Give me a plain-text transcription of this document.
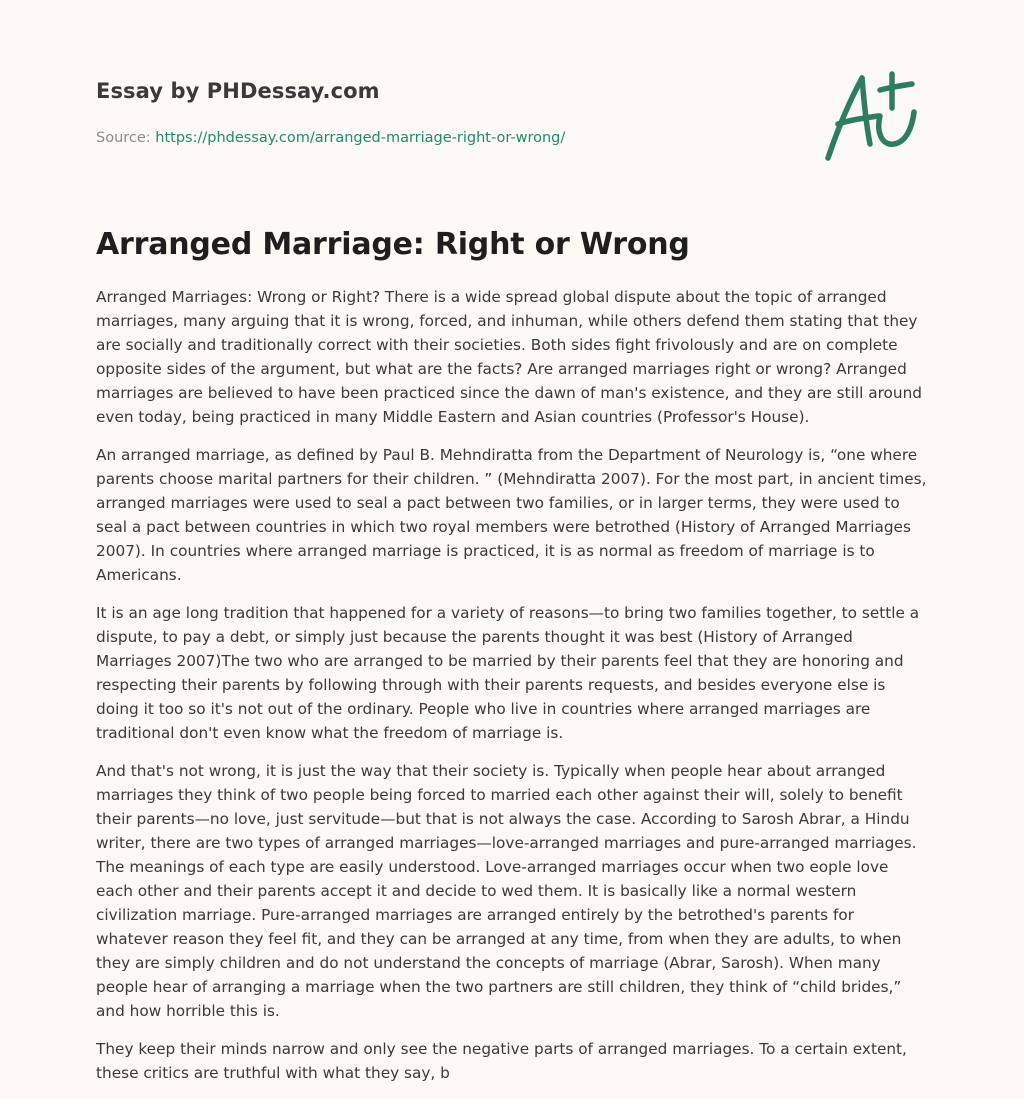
Essay by PHDessay.com
Source: https://phdessay.com/arranged-marriage-right-or-wrong/
Arranged Marriage: Right or Wrong

Arranged Marriages: Wrong or Right? There is a wide spread global dispute about the topic of arranged marriages, many arguing that it is wrong, forced, and inhuman, while others defend them stating that they are socially and traditionally correct with their societies. Both sides fight frivolously and are on complete opposite sides of the argument, but what are the facts? Are arranged marriages right or wrong? Arranged marriages are believed to have been practiced since the dawn of man's existence, and they are still around even today, being practiced in many Middle Eastern and Asian countries (Professor's House).

An arranged marriage, as defined by Paul B. Mehndiratta from the Department of Neurology is, “one where parents choose marital partners for their children. ” (Mehndiratta 2007). For the most part, in ancient times, arranged marriages were used to seal a pact between two families, or in larger terms, they were used to seal a pact between countries in which two royal members were betrothed (History of Arranged Marriages 2007). In countries where arranged marriage is practiced, it is as normal as freedom of marriage is to Americans.

It is an age long tradition that happened for a variety of reasons—to bring two families together, to settle a dispute, to pay a debt, or simply just because the parents thought it was best (History of Arranged Marriages 2007)The two who are arranged to be married by their parents feel that they are honoring and respecting their parents by following through with their parents requests, and besides everyone else is doing it too so it's not out of the ordinary. People who live in countries where arranged marriages are traditional don't even know what the freedom of marriage is.

And that's not wrong, it is just the way that their society is. Typically when people hear about arranged marriages they think of two people being forced to married each other against their will, solely to benefit their parents—no love, just servitude—but that is not always the case. According to Sarosh Abrar, a Hindu writer, there are two types of arranged marriages—love-arranged marriages and pure-arranged marriages. The meanings of each type are easily understood. Love-arranged marriages occur when two eople love each other and their parents accept it and decide to wed them. It is basically like a normal western civilization marriage. Pure-arranged marriages are arranged entirely by the betrothed's parents for whatever reason they feel fit, and they can be arranged at any time, from when they are adults, to when they are simply children and do not understand the concepts of marriage (Abrar, Sarosh). When many people hear of arranging a marriage when the two partners are still children, they think of “child brides,” and how horrible this is.

They keep their minds narrow and only see the negative parts of arranged marriages. To a certain extent, these critics are truthful with what they say, b
